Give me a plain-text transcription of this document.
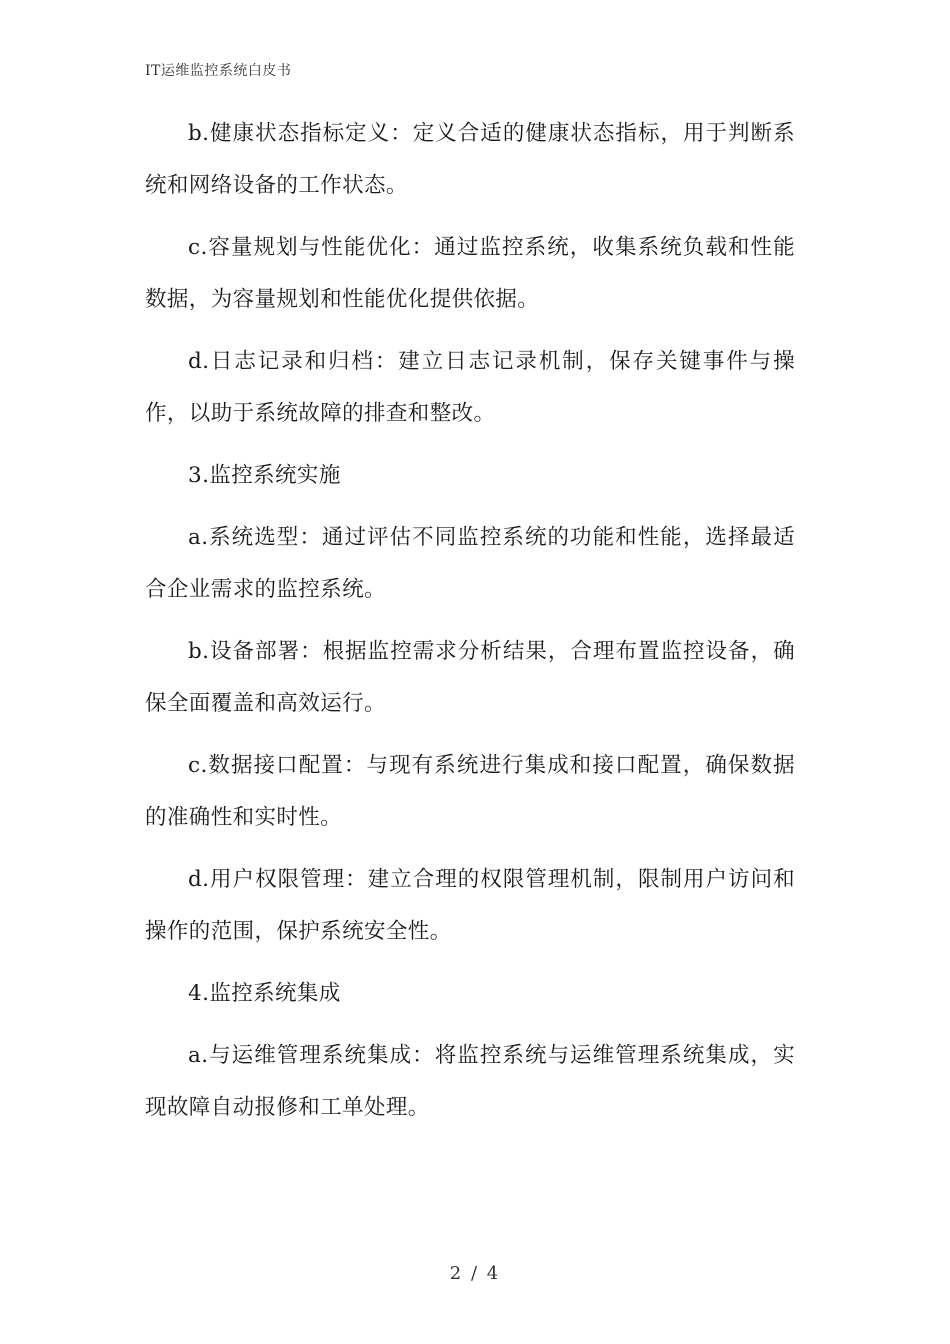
IT运维监控系统白皮书

b.健康状态指标定义：定义合适的健康状态指标，用于判断系统和网络设备的工作状态。

c.容量规划与性能优化：通过监控系统，收集系统负载和性能数据，为容量规划和性能优化提供依据。

d.日志记录和归档：建立日志记录机制，保存关键事件与操作，以助于系统故障的排查和整改。

3.监控系统实施

a.系统选型：通过评估不同监控系统的功能和性能，选择最适合企业需求的监控系统。

b.设备部署：根据监控需求分析结果，合理布置监控设备，确保全面覆盖和高效运行。

c.数据接口配置：与现有系统进行集成和接口配置，确保数据的准确性和实时性。

d.用户权限管理：建立合理的权限管理机制，限制用户访问和操作的范围，保护系统安全性。

4.监控系统集成

a.与运维管理系统集成：将监控系统与运维管理系统集成，实现故障自动报修和工单处理。

2 / 4
